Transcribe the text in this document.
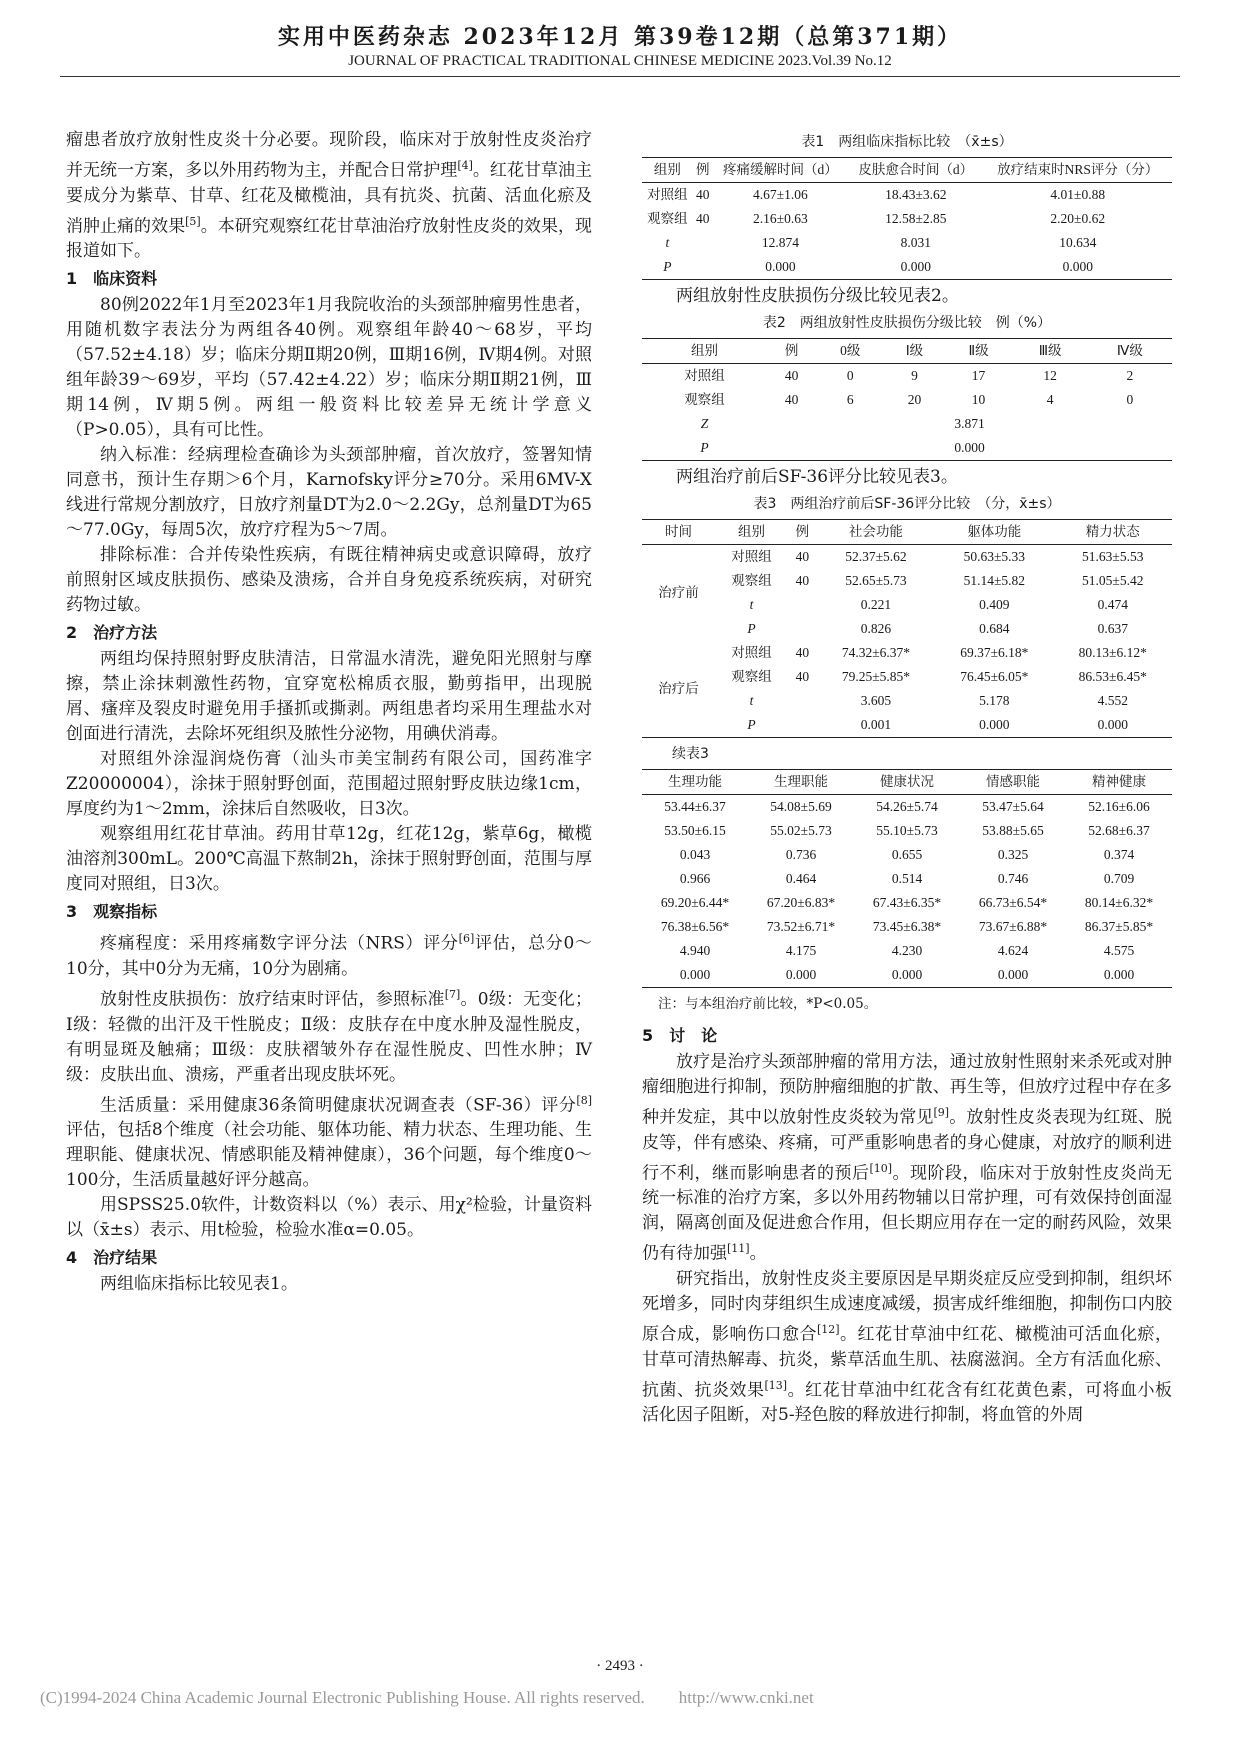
实用中医药杂志 2023年12月 第39卷12期（总第371期）
JOURNAL OF PRACTICAL TRADITIONAL CHINESE MEDICINE 2023.Vol.39 No.12

瘤患者放疗放射性皮炎十分必要。现阶段，临床对于放射性皮炎治疗并无统一方案，多以外用药物为主，并配合日常护理[4]。红花甘草油主要成分为紫草、甘草、红花及橄榄油，具有抗炎、抗菌、活血化瘀及消肿止痛的效果[5]。本研究观察红花甘草油治疗放射性皮炎的效果，现报道如下。

1　临床资料

80例2022年1月至2023年1月我院收治的头颈部肿瘤男性患者，用随机数字表法分为两组各40例。观察组年龄40～68岁，平均（57.52±4.18）岁；临床分期Ⅱ期20例，Ⅲ期16例，Ⅳ期4例。对照组年龄39～69岁，平均（57.42±4.22）岁；临床分期Ⅱ期21例，Ⅲ期14例，Ⅳ期5例。两组一般资料比较差异无统计学意义（P>0.05），具有可比性。

纳入标准：经病理检查确诊为头颈部肿瘤，首次放疗，签署知情同意书，预计生存期＞6个月，Karnofsky评分≥70分。采用6MV-X线进行常规分割放疗，日放疗剂量DT为2.0～2.2Gy，总剂量DT为65～77.0Gy，每周5次，放疗疗程为5～7周。

排除标准：合并传染性疾病，有既往精神病史或意识障碍，放疗前照射区域皮肤损伤、感染及溃疡，合并自身免疫系统疾病，对研究药物过敏。

2　治疗方法

两组均保持照射野皮肤清洁，日常温水清洗，避免阳光照射与摩擦，禁止涂抹刺激性药物，宜穿宽松棉质衣服，勤剪指甲，出现脱屑、瘙痒及裂皮时避免用手搔抓或撕剥。两组患者均采用生理盐水对创面进行清洗，去除坏死组织及脓性分泌物，用碘伏消毒。

对照组外涂湿润烧伤膏（汕头市美宝制药有限公司，国药准字Z20000004），涂抹于照射野创面，范围超过照射野皮肤边缘1cm，厚度约为1～2mm，涂抹后自然吸收，日3次。

观察组用红花甘草油。药用甘草12g，红花12g，紫草6g，橄榄油溶剂300mL。200℃高温下熬制2h，涂抹于照射野创面，范围与厚度同对照组，日3次。

3　观察指标

疼痛程度：采用疼痛数字评分法（NRS）评分[6]评估，总分0～10分，其中0分为无痛，10分为剧痛。

放射性皮肤损伤：放疗结束时评估，参照标准[7]。0级：无变化；Ⅰ级：轻微的出汗及干性脱皮；Ⅱ级：皮肤存在中度水肿及湿性脱皮，有明显斑及触痛；Ⅲ级：皮肤褶皱外存在湿性脱皮、凹性水肿；Ⅳ级：皮肤出血、溃疡，严重者出现皮肤坏死。

生活质量：采用健康36条简明健康状况调查表（SF-36）评分[8]评估，包括8个维度（社会功能、躯体功能、精力状态、生理功能、生理职能、健康状况、情感职能及精神健康），36个问题，每个维度0～100分，生活质量越好评分越高。

用SPSS25.0软件，计数资料以（%）表示、用χ²检验，计量资料以（x̄±s）表示、用t检验，检验水准α=0.05。

4　治疗结果

两组临床指标比较见表1。

表1　两组临床指标比较　（x̄±s）
组别	例	疼痛缓解时间（d）	皮肤愈合时间（d）	放疗结束时NRS评分（分）
对照组	40	4.67±1.06	18.43±3.62	4.01±0.88
观察组	40	2.16±0.63	12.58±2.85	2.20±0.62
t		12.874	8.031	10.634
P		0.000	0.000	0.000

两组放射性皮肤损伤分级比较见表2。

表2　两组放射性皮肤损伤分级比较　例（%）
组别	例	0级	Ⅰ级	Ⅱ级	Ⅲ级	Ⅳ级
对照组	40	0	9	17	12	2
观察组	40	6	20	10	4	0
Z	3.871					
P	0.000					

两组治疗前后SF-36评分比较见表3。

表3　两组治疗前后SF-36评分比较　（分，x̄±s）
时间	组别	例	社会功能	躯体功能	精力状态
治疗前	对照组	40	52.37±5.62	50.63±5.33	51.63±5.53
	观察组	40	52.65±5.73	51.14±5.82	51.05±5.42
	t		0.221	0.409	0.474
	P		0.826	0.684	0.637
治疗后	对照组	40	74.32±6.37*	69.37±6.18*	80.13±6.12*
	观察组	40	79.25±5.85*	76.45±6.05*	86.53±6.45*
	t		3.605	5.178	4.552
	P		0.001	0.000	0.000
续表3
生理功能	生理职能	健康状况	情感职能	精神健康
53.44±6.37	54.08±5.69	54.26±5.74	53.47±5.64	52.16±6.06
53.50±6.15	55.02±5.73	55.10±5.73	53.88±5.65	52.68±6.37
0.043	0.736	0.655	0.325	0.374
0.966	0.464	0.514	0.746	0.709
69.20±6.44*	67.20±6.83*	67.43±6.35*	66.73±6.54*	80.14±6.32*
76.38±6.56*	73.52±6.71*	73.45±6.38*	73.67±6.88*	86.37±5.85*
4.940	4.175	4.230	4.624	4.575
0.000	0.000	0.000	0.000	0.000
注：与本组治疗前比较，*P<0.05。
5　讨　论

放疗是治疗头颈部肿瘤的常用方法，通过放射性照射来杀死或对肿瘤细胞进行抑制，预防肿瘤细胞的扩散、再生等，但放疗过程中存在多种并发症，其中以放射性皮炎较为常见[9]。放射性皮炎表现为红斑、脱皮等，伴有感染、疼痛，可严重影响患者的身心健康，对放疗的顺利进行不利，继而影响患者的预后[10]。现阶段，临床对于放射性皮炎尚无统一标准的治疗方案，多以外用药物辅以日常护理，可有效保持创面湿润，隔离创面及促进愈合作用，但长期应用存在一定的耐药风险，效果仍有待加强[11]。

研究指出，放射性皮炎主要原因是早期炎症反应受到抑制，组织坏死增多，同时肉芽组织生成速度减缓，损害成纤维细胞，抑制伤口内胶原合成，影响伤口愈合[12]。红花甘草油中红花、橄榄油可活血化瘀，甘草可清热解毒、抗炎，紫草活血生肌、祛腐滋润。全方有活血化瘀、抗菌、抗炎效果[13]。红花甘草油中红花含有红花黄色素，可将血小板活化因子阻断，对5-羟色胺的释放进行抑制，将血管的外周

· 2493 ·
(C)1994-2024 China Academic Journal Electronic Publishing House. All rights reserved.　　http://www.cnki.net
